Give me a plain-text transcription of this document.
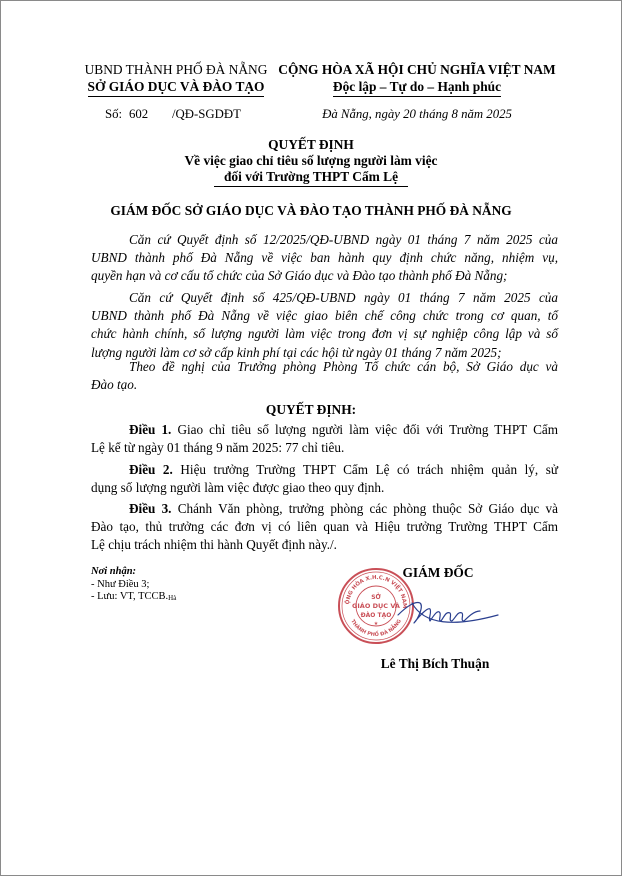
UBND THÀNH PHỐ ĐÀ NẴNG
SỞ GIÁO DỤC VÀ ĐÀO TẠO
CỘNG HÒA XÃ HỘI CHỦ NGHĨA VIỆT NAM
Độc lập – Tự do – Hạnh phúc
Số: 602 /QĐ-SGDĐT	Đà Nẵng, ngày 20 tháng 8 năm 2025
QUYẾT ĐỊNH
Về việc giao chỉ tiêu số lượng người làm việc
đối với Trường THPT Cẩm Lệ
GIÁM ĐỐC SỞ GIÁO DỤC VÀ ĐÀO TẠO THÀNH PHỐ ĐÀ NẴNG
Căn cứ Quyết định số 12/2025/QĐ-UBND ngày 01 tháng 7 năm 2025 của
UBND thành phố Đà Nẵng về việc ban hành quy định chức năng, nhiệm vụ,
quyền hạn và cơ cấu tổ chức của Sở Giáo dục và Đào tạo thành phố Đà Nẵng;
Căn cứ Quyết định số 425/QĐ-UBND ngày 01 tháng 7 năm 2025 của
UBND thành phố Đà Nẵng về việc giao biên chế công chức trong cơ quan, tổ
chức hành chính, số lượng người làm việc trong đơn vị sự nghiệp công lập và số
lượng người làm cơ sở cấp kinh phí tại các hội từ ngày 01 tháng 7 năm 2025;
Theo đề nghị của Trưởng phòng Phòng Tổ chức cán bộ, Sở Giáo dục và
Đào tạo.
QUYẾT ĐỊNH:
Điều 1. Giao chỉ tiêu số lượng người làm việc đối với Trường THPT Cẩm
Lệ kể từ ngày 01 tháng 9 năm 2025: 77 chỉ tiêu.
Điều 2. Hiệu trưởng Trường THPT Cẩm Lệ có trách nhiệm quản lý, sử
dụng số lượng người làm việc được giao theo quy định.
Điều 3. Chánh Văn phòng, trưởng phòng các phòng thuộc Sở Giáo dục và
Đào tạo, thủ trưởng các đơn vị có liên quan và Hiệu trưởng Trường THPT Cẩm
Lệ chịu trách nhiệm thi hành Quyết định này./.
Nơi nhận:
- Như Điều 3;
- Lưu: VT, TCCB.Hà
GIÁM ĐỐC
Lê Thị Bích Thuận
ỘNG HÒA X.H.C.N VIỆT NAM
THÀNH PHỐ ĐÀ NẴNG
SỞ
GIÁO DỤC VÀ
ĐÀO TẠO
★
